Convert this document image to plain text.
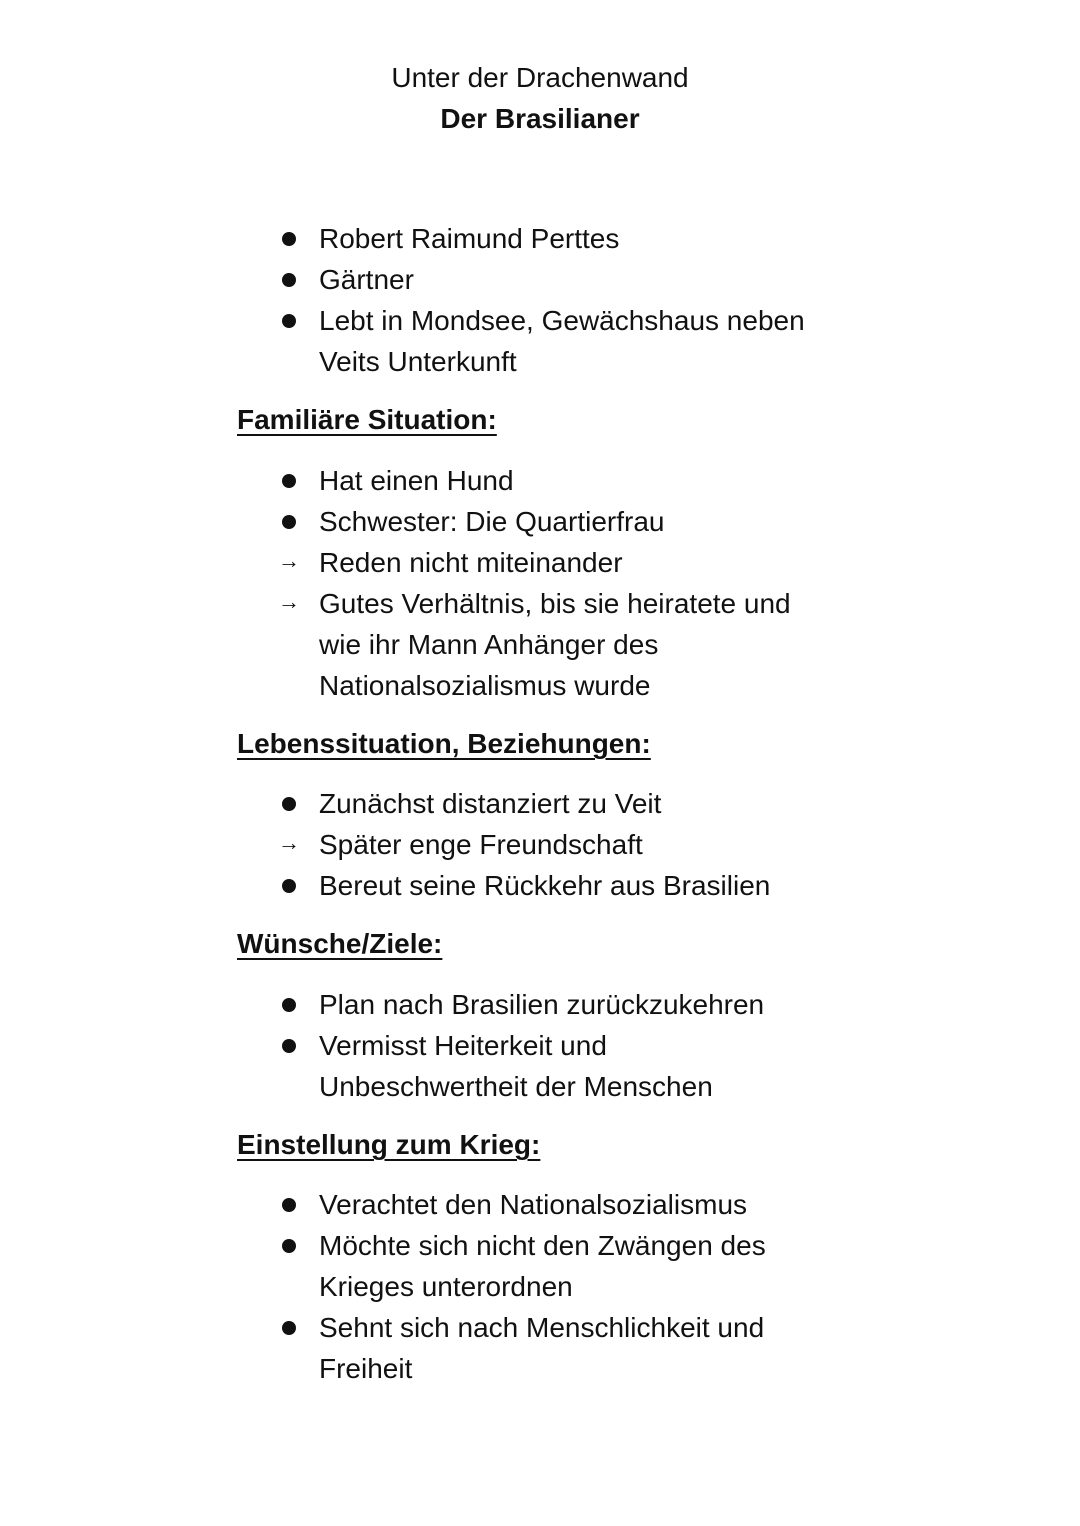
Unter der Drachenwand
Der Brasilianer
Robert Raimund Perttes
Gärtner
Lebt in Mondsee, Gewächshaus neben Veits Unterkunft
Familiäre Situation:
Hat einen Hund
Schwester: Die Quartierfrau
→ Reden nicht miteinander
→ Gutes Verhältnis, bis sie heiratete und wie ihr Mann Anhänger des Nationalsozialismus wurde
Lebenssituation, Beziehungen:
Zunächst distanziert zu Veit
→ Später enge Freundschaft
Bereut seine Rückkehr aus Brasilien
Wünsche/Ziele:
Plan nach Brasilien zurückzukehren
Vermisst Heiterkeit und Unbeschwertheit der Menschen
Einstellung zum Krieg:
Verachtet den Nationalsozialismus
Möchte sich nicht den Zwängen des Krieges unterordnen
Sehnt sich nach Menschlichkeit und Freiheit
